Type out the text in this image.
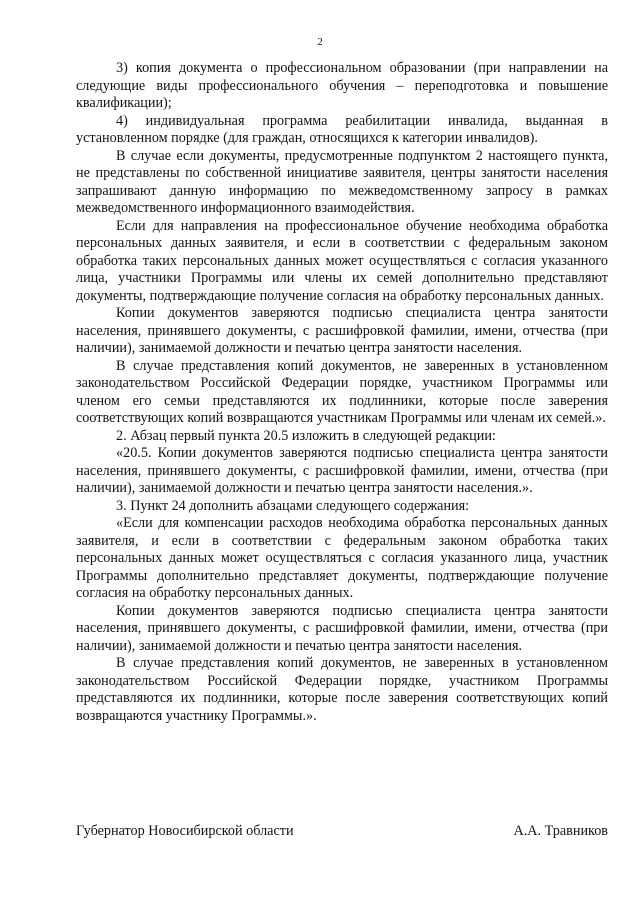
2

3) копия документа о профессиональном образовании (при направлении на следующие виды профессионального обучения – переподготовка и повышение квалификации);

4) индивидуальная программа реабилитации инвалида, выданная в установленном порядке (для граждан, относящихся к категории инвалидов).

В случае если документы, предусмотренные подпунктом 2 настоящего пункта, не представлены по собственной инициативе заявителя, центры занятости населения запрашивают данную информацию по межведомственному запросу в рамках межведомственного информационного взаимодействия.

Если для направления на профессиональное обучение необходима обработка персональных данных заявителя, и если в соответствии с федеральным законом обработка таких персональных данных может осуществляться с согласия указанного лица, участники Программы или члены их семей дополнительно представляют документы, подтверждающие получение согласия на обработку персональных данных.

Копии документов заверяются подписью специалиста центра занятости населения, принявшего документы, с расшифровкой фамилии, имени, отчества (при наличии), занимаемой должности и печатью центра занятости населения.

В случае представления копий документов, не заверенных в установленном законодательством Российской Федерации порядке, участником Программы или членом его семьи представляются их подлинники, которые после заверения соответствующих копий возвращаются участникам Программы или членам их семей.».

2. Абзац первый пункта 20.5 изложить в следующей редакции:

«20.5. Копии документов заверяются подписью специалиста центра занятости населения, принявшего документы, с расшифровкой фамилии, имени, отчества (при наличии), занимаемой должности и печатью центра занятости населения.».

3. Пункт 24 дополнить абзацами следующего содержания:

«Если для компенсации расходов необходима обработка персональных данных заявителя, и если в соответствии с федеральным законом обработка таких персональных данных может осуществляться с согласия указанного лица, участник Программы дополнительно представляет документы, подтверждающие получение согласия на обработку персональных данных.

Копии документов заверяются подписью специалиста центра занятости населения, принявшего документы, с расшифровкой фамилии, имени, отчества (при наличии), занимаемой должности и печатью центра занятости населения.

В случае представления копий документов, не заверенных в установленном законодательством Российской Федерации порядке, участником Программы представляются их подлинники, которые после заверения соответствующих копий возвращаются участнику Программы.».

Губернатор Новосибирской области	А.А. Травников
